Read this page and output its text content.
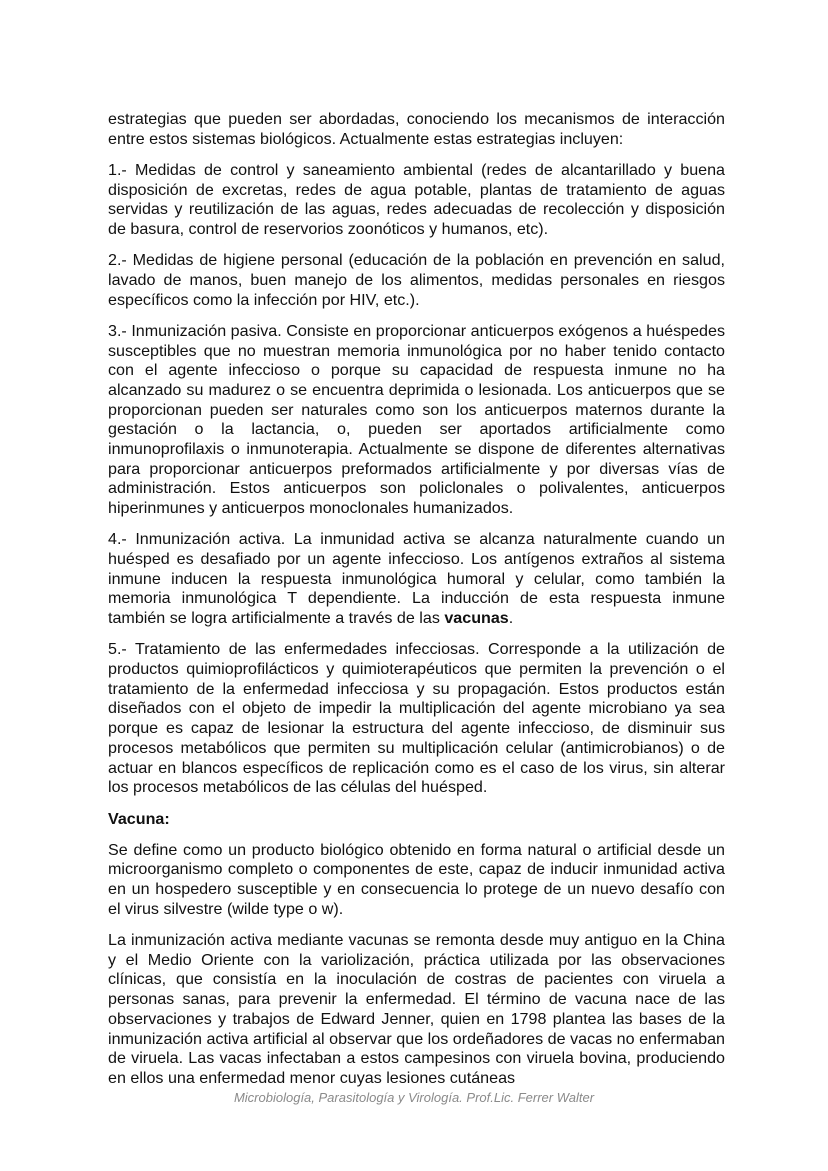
estrategias que pueden ser abordadas, conociendo los mecanismos de interacción entre estos sistemas biológicos. Actualmente estas estrategias incluyen:

1.- Medidas de control y saneamiento ambiental (redes de alcantarillado y buena disposición de excretas, redes de agua potable, plantas de tratamiento de aguas servidas y reutilización de las aguas, redes adecuadas de recolección y disposición de basura, control de reservorios zoonóticos y humanos, etc).

2.- Medidas de higiene personal (educación de la población en prevención en salud, lavado de manos, buen manejo de los alimentos, medidas personales en riesgos específicos como la infección por HIV, etc.).

3.- Inmunización pasiva. Consiste en proporcionar anticuerpos exógenos a huéspedes susceptibles que no muestran memoria inmunológica por no haber tenido contacto con el agente infeccioso o porque su capacidad de respuesta inmune no ha alcanzado su madurez o se encuentra deprimida o lesionada. Los anticuerpos que se proporcionan pueden ser naturales como son los anticuerpos maternos durante la gestación o la lactancia, o, pueden ser aportados artificialmente como inmunoprofilaxis o inmunoterapia. Actualmente se dispone de diferentes alternativas para proporcionar anticuerpos preformados artificialmente y por diversas vías de administración. Estos anticuerpos son policlonales o polivalentes, anticuerpos hiperinmunes y anticuerpos monoclonales humanizados.

4.- Inmunización activa. La inmunidad activa se alcanza naturalmente cuando un huésped es desafiado por un agente infeccioso. Los antígenos extraños al sistema inmune inducen la respuesta inmunológica humoral y celular, como también la memoria inmunológica T dependiente. La inducción de esta respuesta inmune también se logra artificialmente a través de las vacunas.

5.- Tratamiento de las enfermedades infecciosas. Corresponde a la utilización de productos quimioprofilácticos y quimioterapéuticos que permiten la prevención o el tratamiento de la enfermedad infecciosa y su propagación. Estos productos están diseñados con el objeto de impedir la multiplicación del agente microbiano ya sea porque es capaz de lesionar la estructura del agente infeccioso, de disminuir sus procesos metabólicos que permiten su multiplicación celular (antimicrobianos) o de actuar en blancos específicos de replicación como es el caso de los virus, sin alterar los procesos metabólicos de las células del huésped.

Vacuna:

Se define como un producto biológico obtenido en forma natural o artificial desde un microorganismo completo o componentes de este, capaz de inducir inmunidad activa en un hospedero susceptible y en consecuencia lo protege de un nuevo desafío con el virus silvestre (wilde type o w).

La inmunización activa mediante vacunas se remonta desde muy antiguo en la China y el Medio Oriente con la variolización, práctica utilizada por las observaciones clínicas, que consistía en la inoculación de costras de pacientes con viruela a personas sanas, para prevenir la enfermedad. El término de vacuna nace de las observaciones y trabajos de Edward Jenner, quien en 1798 plantea las bases de la inmunización activa artificial al observar que los ordeñadores de vacas no enfermaban de viruela. Las vacas infectaban a estos campesinos con viruela bovina, produciendo en ellos una enfermedad menor cuyas lesiones cutáneas

Microbiología, Parasitología y Virología. Prof.Lic. Ferrer Walter
